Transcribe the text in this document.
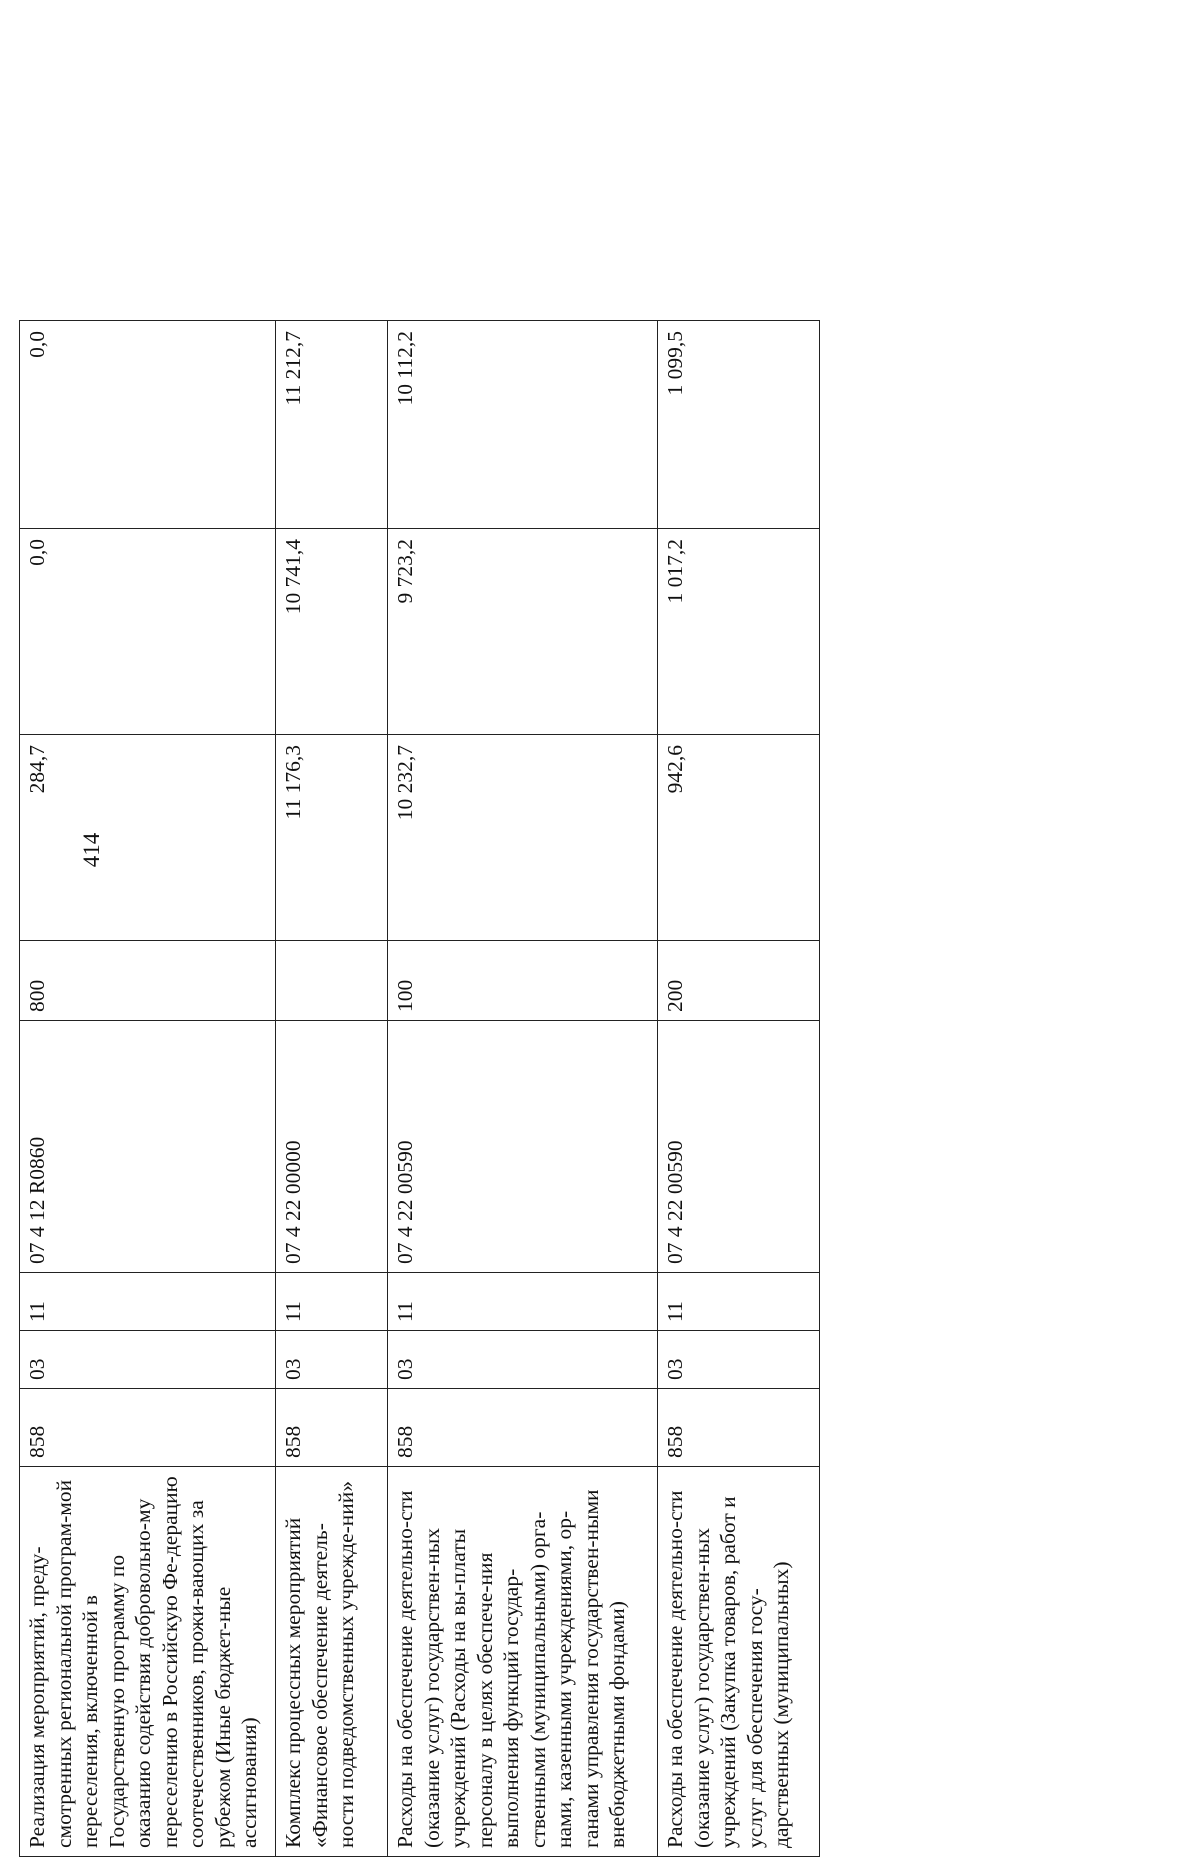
414
Реализация мероприятий, преду-смотренных региональной програм-мой переселения, включенной в Государственную программу по оказанию содействия добровольно-му переселению в Российскую Фе-дерацию соотечественников, прожи-вающих за рубежом (Иные бюджет-ные ассигнования)	858	03	11	07 4 12 R0860	800	284,7	0,0	0,0
Комплекс процессных мероприятий «Финансовое обеспечение деятель-ности подведомственных учрежде-ний»	858	03	11	07 4 22 00000		11 176,3	10 741,4	11 212,7
Расходы на обеспечение деятельно-сти (оказание услуг) государствен-ных учреждений (Расходы на вы-платы персоналу в целях обеспече-ния выполнения функций государ-ственными (муниципальными) орга-нами, казенными учреждениями, ор-ганами управления государствен-ными внебюджетными фондами)	858	03	11	07 4 22 00590	100	10 232,7	9 723,2	10 112,2
Расходы на обеспечение деятельно-сти (оказание услуг) государствен-ных учреждений (Закупка товаров, работ и услуг для обеспечения госу-дарственных (муниципальных)	858	03	11	07 4 22 00590	200	942,6	1 017,2	1 099,5
